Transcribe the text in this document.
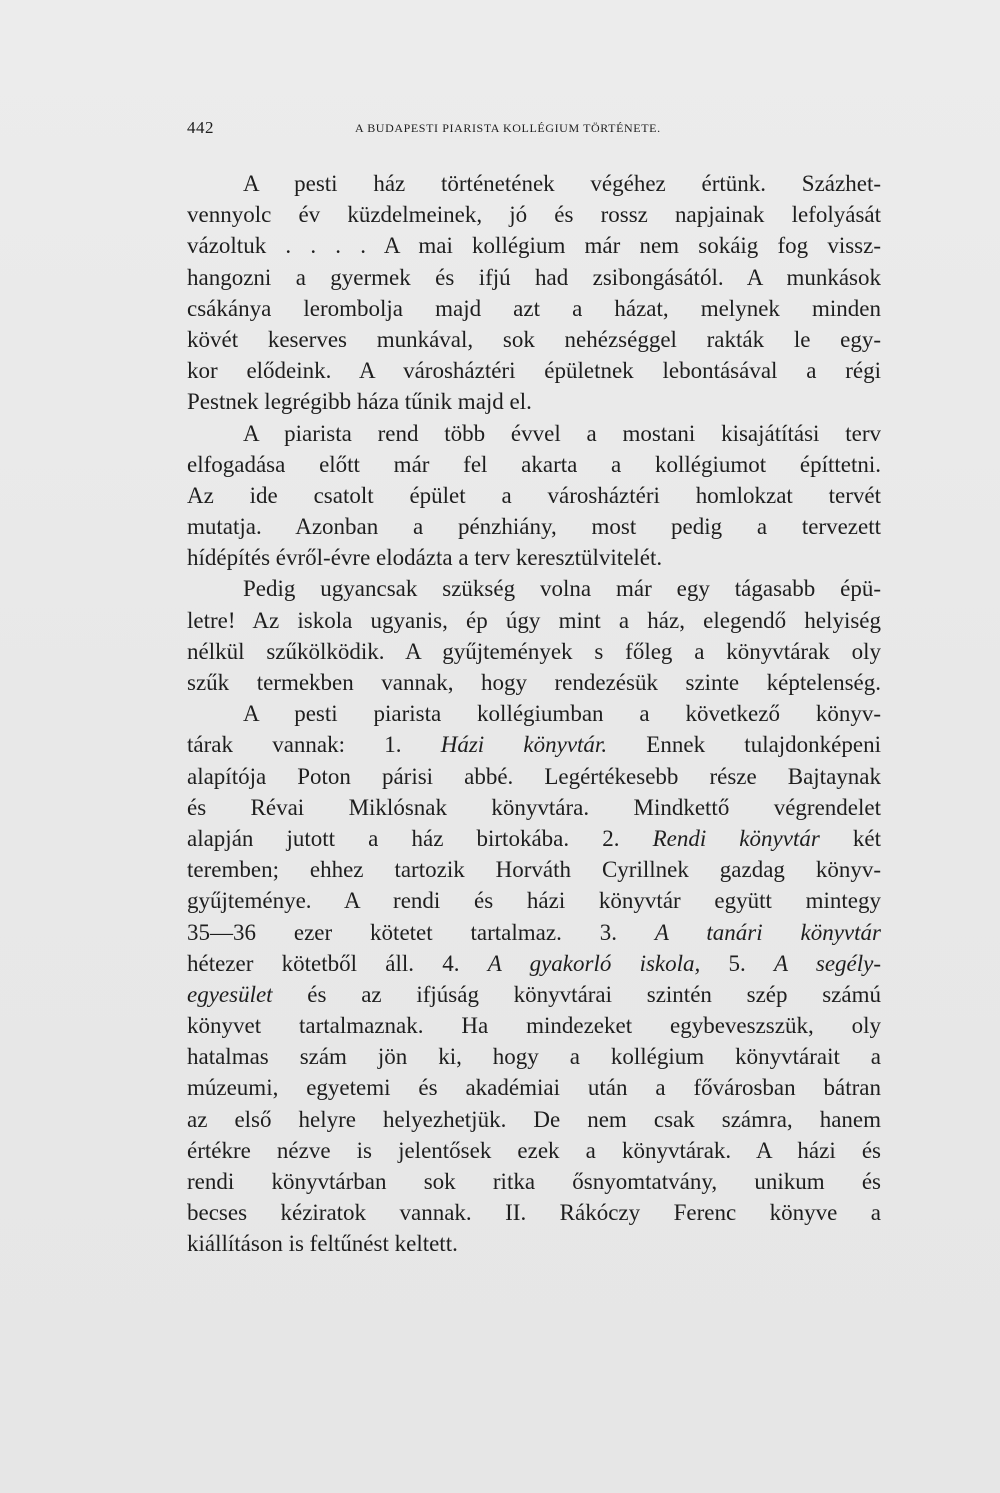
442	A BUDAPESTI PIARISTA KOLLÉGIUM TÖRTÉNETE.
A pesti ház történetének végéhez értünk. Százhet-
vennyolc év küzdelmeinek, jó és rossz napjainak lefolyását
vázoltuk . . . . A mai kollégium már nem sokáig fog vissz-
hangozni a gyermek és ifjú had zsibongásától. A munkások
csákánya lerombolja majd azt a házat, melynek minden
kövét keserves munkával, sok nehézséggel rakták le egy-
kor elődeink. A városháztéri épületnek lebontásával a régi
Pestnek legrégibb háza tűnik majd el.
A piarista rend több évvel a mostani kisajátítási terv
elfogadása előtt már fel akarta a kollégiumot építtetni.
Az ide csatolt épület a városháztéri homlokzat tervét
mutatja. Azonban a pénzhiány, most pedig a tervezett
hídépítés évről-évre elodázta a terv keresztülvitelét.
Pedig ugyancsak szükség volna már egy tágasabb épü-
letre! Az iskola ugyanis, ép úgy mint a ház, elegendő helyiség
nélkül szűkölködik. A gyűjtemények s főleg a könyvtárak oly
szűk termekben vannak, hogy rendezésük szinte képtelenség.
A pesti piarista kollégiumban a következő könyv-
tárak vannak: 1. Házi könyvtár. Ennek tulajdonképeni
alapítója Poton párisi abbé. Legértékesebb része Bajtaynak
és Révai Miklósnak könyvtára. Mindkettő végrendelet
alapján jutott a ház birtokába. 2. Rendi könyvtár két
teremben; ehhez tartozik Horváth Cyrillnek gazdag könyv-
gyűjteménye. A rendi és házi könyvtár együtt mintegy
35—36 ezer kötetet tartalmaz. 3. A tanári könyvtár
hétezer kötetből áll. 4. A gyakorló iskola, 5. A segély-
egyesület és az ifjúság könyvtárai szintén szép számú
könyvet tartalmaznak. Ha mindezeket egybeveszszük, oly
hatalmas szám jön ki, hogy a kollégium könyvtárait a
múzeumi, egyetemi és akadémiai után a fővárosban bátran
az első helyre helyezhetjük. De nem csak számra, hanem
értékre nézve is jelentősek ezek a könyvtárak. A házi és
rendi könyvtárban sok ritka ősnyomtatvány, unikum és
becses kéziratok vannak. II. Rákóczy Ferenc könyve a
kiállításon is feltűnést keltett.
